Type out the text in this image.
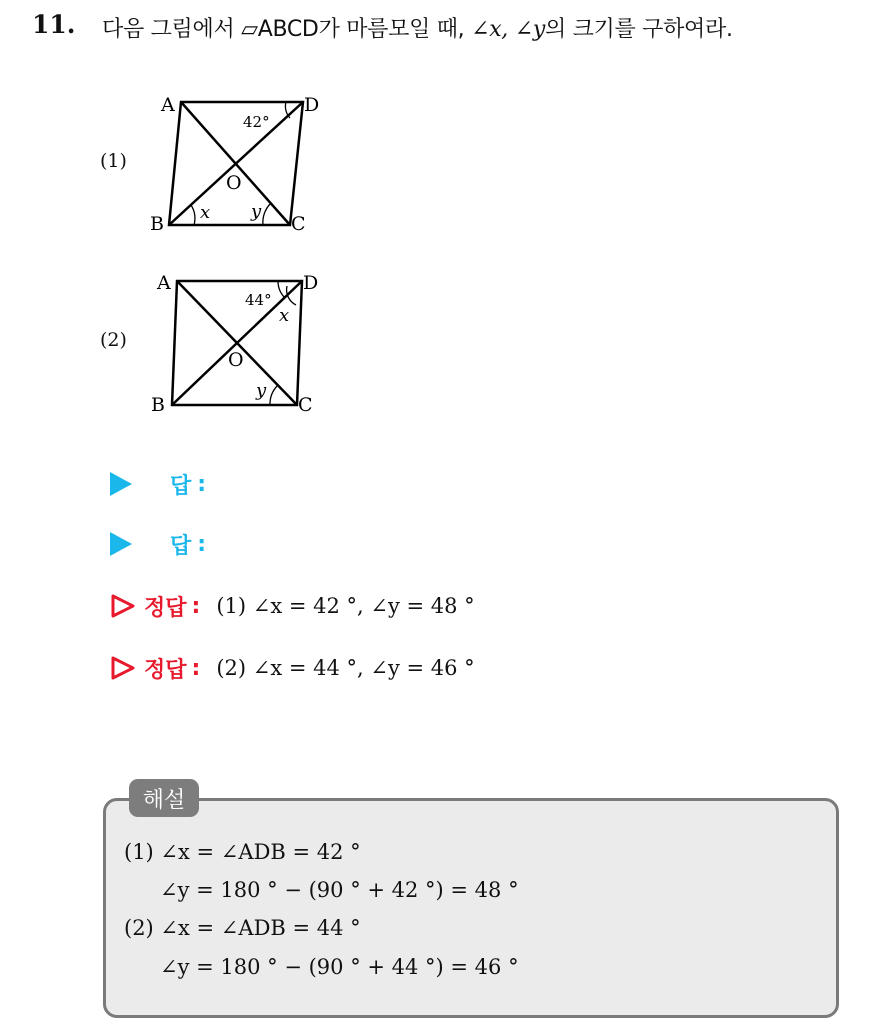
11. 다음 그림에서 ▱ABCD가 마름모일 때, ∠x, ∠y의 크기를 구하여라.
(1)
A	D
B	C
O
42°
x y
A	D
B	C
O
44°
x
y
(2)
답 :
답 :
정답 : (1) ∠x = 42 °, ∠y = 48 °
정답 : (2) ∠x = 44 °, ∠y = 46 °
해설
(1) ∠x = ∠ADB = 42 °
∠y = 180 ° − (90 ° + 42 °) = 48 °
(2) ∠x = ∠ADB = 44 °
∠y = 180 ° − (90 ° + 44 °) = 46 °
